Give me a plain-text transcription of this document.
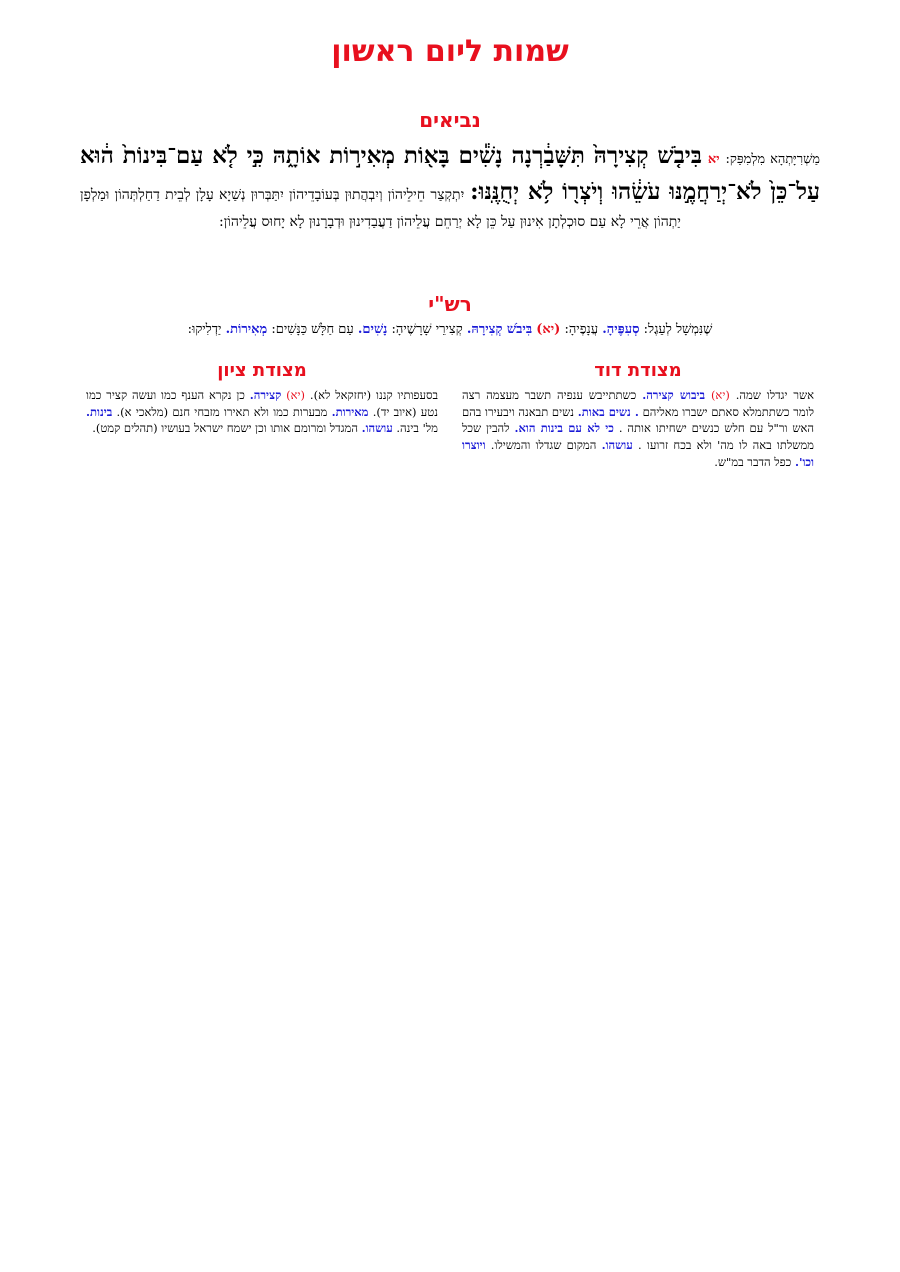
שמות ליום ראשון
נביאים
מַשְׁרִיָּתְהָא מִלְמִפַּק: יא בִּיבֹ֤שׁ קְצִירָהּ֙ תִּשָּׁבַ֔רְנָה נָשִׁ֕ים בָּא֖וֹת מְאִיר֣וֹת אוֹתָ֑הּ כִּ֣י לֹ֤א עַם־בִּינוֹת֙ ה֔וּא עַל־כֵּן֙ לֹא־יְרַחֲמֶ֣נּוּ עֹשֵׂ֔הוּ וְיֹצְר֖וֹ לֹ֥א יְחֻנֶּֽנּוּ: יִתְקְצַר חֵילֵיהוֹן וְיִבְהֲתוּן בְּעוֹבָדֵיהוֹן יִתַּבְּרוּן נְשַׁיָא עָלָן לְבֵית דַחַלְתְּהוֹן וּמַלְפָן יַתְהוֹן אֲרֵי לָא עַם סוּכְלְתָן אִינוּן עַל כֵּן לָא יְרַחֵם עֲלֵיהוֹן דַעֲבַדִינוּן וּדְבָרָנוּן לָא יָחוּס עֲלֵיהוֹן:
רש"י
שֶׁנִּמְשָׁל לְעֵגֶל: סְעִפֶּיהָ. עֲנָפֶיהָ: (יא) בִּיבֹשׁ קְצִירָהּ. קְצִירֵי שָׁרָשֶׁיהָ: נָשִׁים. עַם חַלָּשׁ כַּנָּשִׁים: מְאִירוֹת. יַדְלִיקוּ:
מצודת דוד

אשר יגדלו שמה. (יא) ביבוש קצירה. כשתתייבש ענפיה תשבר מעצמה רצה לומר כשתתמלא סאתם ישברו מאליהם . נשים באות. נשים תבאנה ויבעירו בהם האש ור"ל עם חלש כנשים ישחיתו אותה . כי לא עם בינות הוא. להבין שכל ממשלתו באה לו מה' ולא בכח זרועו . עושהו. המקום שגדלו והמשילו. ויוצרו וכו'. כפל הדבר במ"ש.

מצודת ציון

בסעפותיו קננו (יחזקאל לא). (יא) קצירה. כן נקרא הענף כמו ועשה קציר כמו נטע (איוב יד). מאירות. מבערות כמו ולא תאירו מזבחי חנם (מלאכי א). בינות. מל' בינה. עושהו. המגדל ומרומם אותו וכן ישמח ישראל בעושיו (תהלים קמט).
